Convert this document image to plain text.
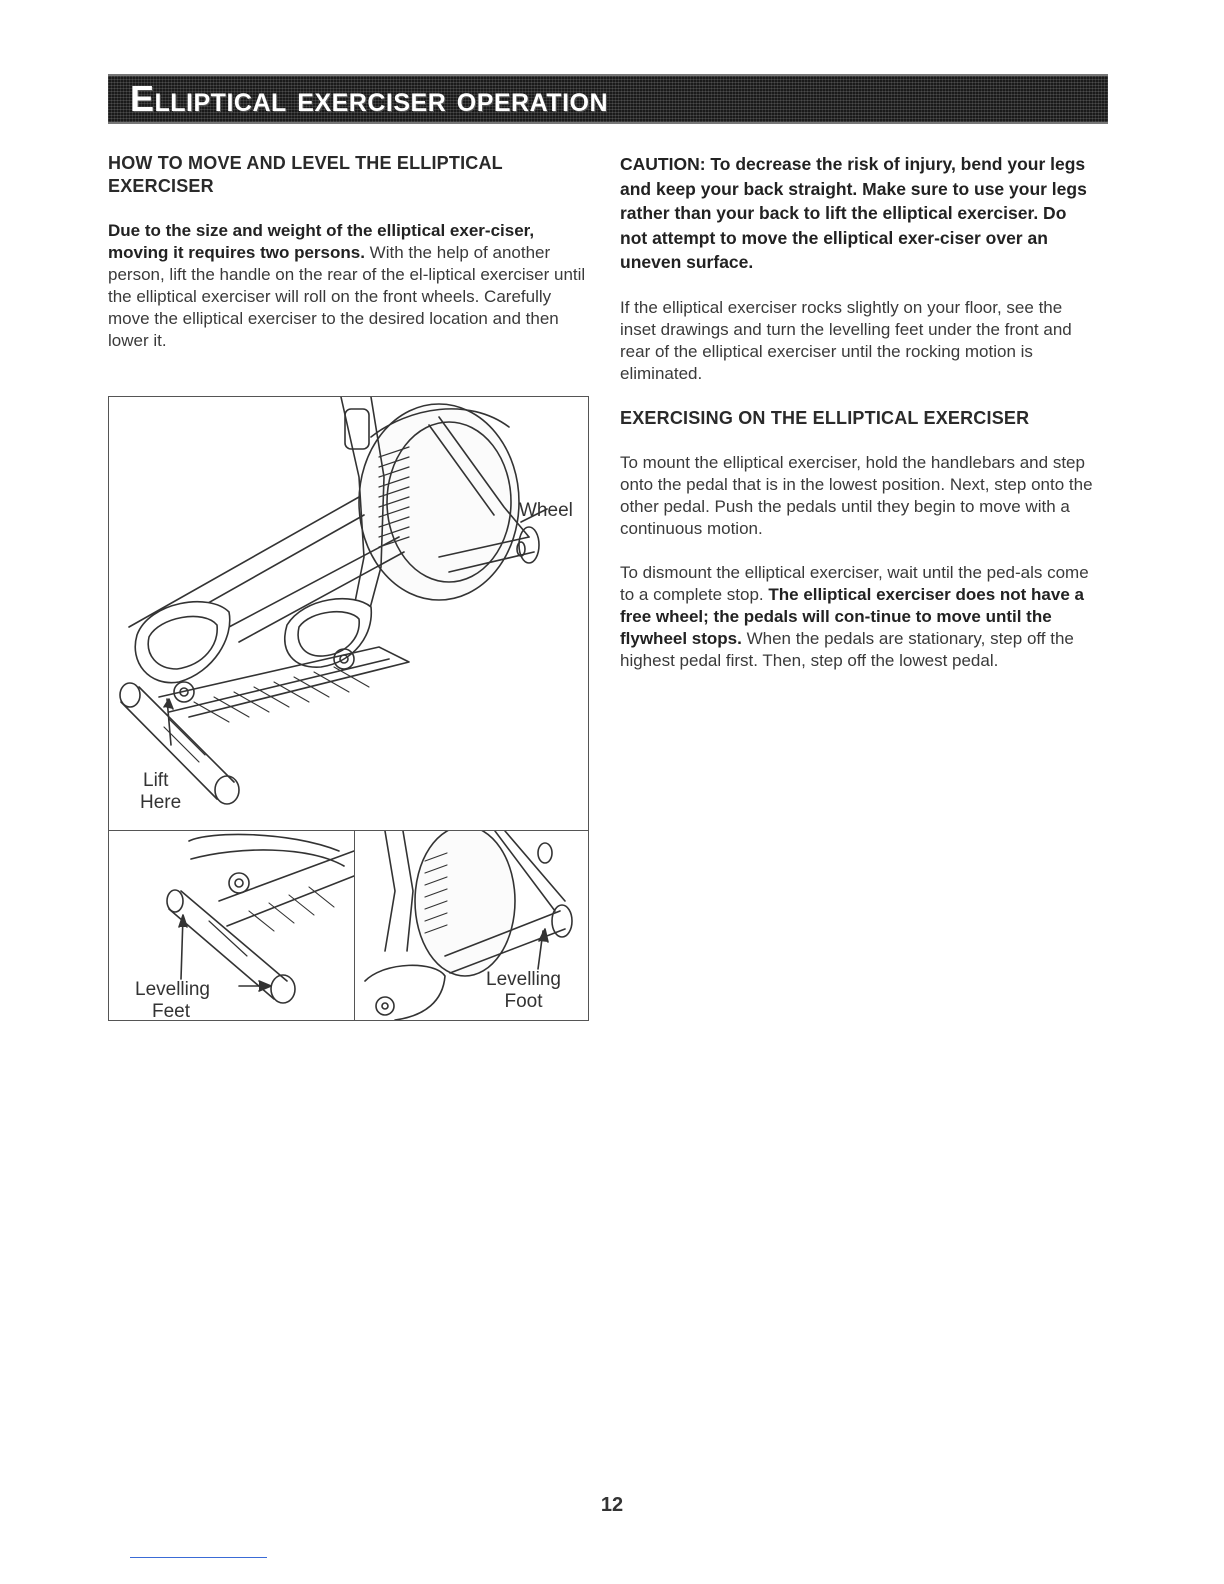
Elliptical exerciser operation
HOW TO MOVE AND LEVEL THE ELLIPTICAL EXERCISER

Due to the size and weight of the elliptical exer-ciser, moving it requires two persons. With the help of another person, lift the handle on the rear of the el-liptical exerciser until the elliptical exerciser will roll on the front wheels. Carefully move the elliptical exerciser to the desired location and then lower it.

CAUTION: To decrease the risk of injury, bend your legs and keep your back straight. Make sure to use your legs rather than your back to lift the elliptical exerciser. Do not attempt to move the elliptical exer-ciser over an uneven surface.

If the elliptical exerciser rocks slightly on your floor, see the inset drawings and turn the levelling feet under the front and rear of the elliptical exerciser until the rocking motion is eliminated.

EXERCISING ON THE ELLIPTICAL EXERCISER

To mount the elliptical exerciser, hold the handlebars and step onto the pedal that is in the lowest position. Next, step onto the other pedal. Push the pedals until they begin to move with a continuous motion.

To dismount the elliptical exerciser, wait until the ped-als come to a complete stop. The elliptical exerciser does not have a free wheel; the pedals will con-tinue to move until the flywheel stops. When the pedals are stationary, step off the highest pedal first. Then, step off the lowest pedal.

Wheel
Lift
Here
Levelling
Feet
Levelling
Foot
12
